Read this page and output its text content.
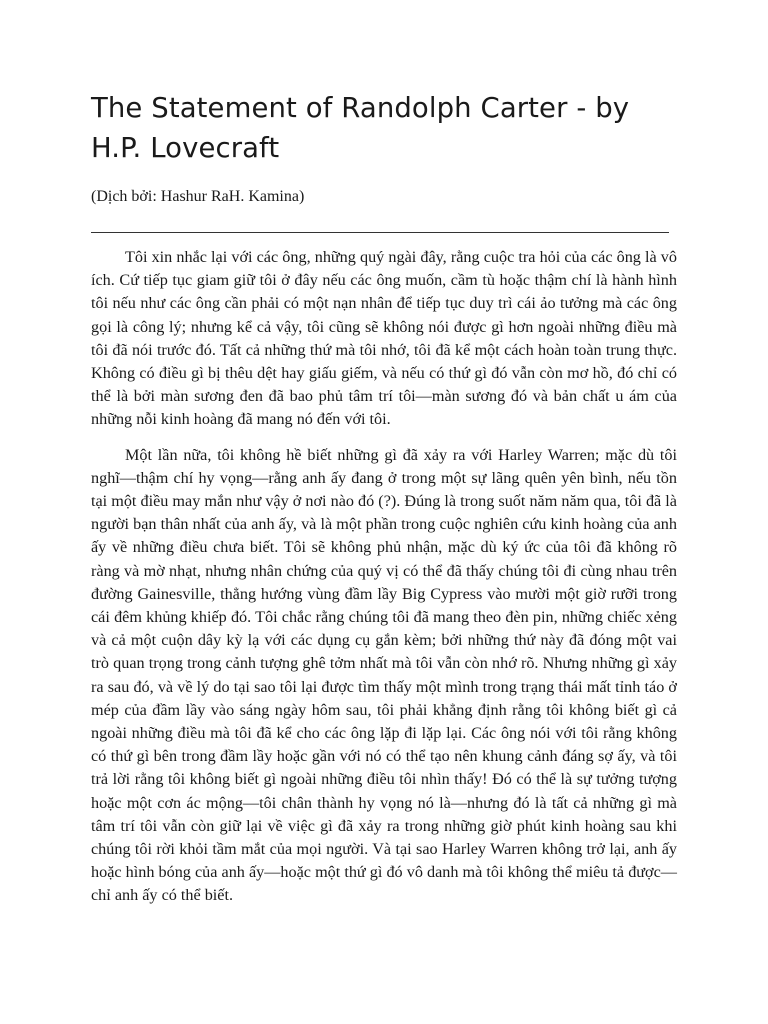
The Statement of Randolph Carter - by H.P. Lovecraft

(Dịch bởi: Hashur RaH. Kamina)

Tôi xin nhắc lại với các ông, những quý ngài đây, rằng cuộc tra hỏi của các ông là vô ích. Cứ tiếp tục giam giữ tôi ở đây nếu các ông muốn, cầm tù hoặc thậm chí là hành hình tôi nếu như các ông cần phải có một nạn nhân để tiếp tục duy trì cái ảo tưởng mà các ông gọi là công lý; nhưng kể cả vậy, tôi cũng sẽ không nói được gì hơn ngoài những điều mà tôi đã nói trước đó. Tất cả những thứ mà tôi nhớ, tôi đã kể một cách hoàn toàn trung thực. Không có điều gì bị thêu dệt hay giấu giếm, và nếu có thứ gì đó vẫn còn mơ hồ, đó chỉ có thể là bởi màn sương đen đã bao phủ tâm trí tôi—màn sương đó và bản chất u ám của những nỗi kinh hoàng đã mang nó đến với tôi.

Một lần nữa, tôi không hề biết những gì đã xảy ra với Harley Warren; mặc dù tôi nghĩ—thậm chí hy vọng—rằng anh ấy đang ở trong một sự lãng quên yên bình, nếu tồn tại một điều may mắn như vậy ở nơi nào đó (?). Đúng là trong suốt năm năm qua, tôi đã là người bạn thân nhất của anh ấy, và là một phần trong cuộc nghiên cứu kinh hoàng của anh ấy về những điều chưa biết. Tôi sẽ không phủ nhận, mặc dù ký ức của tôi đã không rõ ràng và mờ nhạt, nhưng nhân chứng của quý vị có thể đã thấy chúng tôi đi cùng nhau trên đường Gainesville, thẳng hướng vùng đầm lầy Big Cypress vào mười một giờ rưỡi trong cái đêm khủng khiếp đó. Tôi chắc rằng chúng tôi đã mang theo đèn pin, những chiếc xẻng và cả một cuộn dây kỳ lạ với các dụng cụ gắn kèm; bởi những thứ này đã đóng một vai trò quan trọng trong cảnh tượng ghê tởm nhất mà tôi vẫn còn nhớ rõ. Nhưng những gì xảy ra sau đó, và về lý do tại sao tôi lại được tìm thấy một mình trong trạng thái mất tỉnh táo ở mép của đầm lầy vào sáng ngày hôm sau, tôi phải khẳng định rằng tôi không biết gì cả ngoài những điều mà tôi đã kể cho các ông lặp đi lặp lại. Các ông nói với tôi rằng không có thứ gì bên trong đầm lầy hoặc gần với nó có thể tạo nên khung cảnh đáng sợ ấy, và tôi trả lời rằng tôi không biết gì ngoài những điều tôi nhìn thấy! Đó có thể là sự tưởng tượng hoặc một cơn ác mộng—tôi chân thành hy vọng nó là—nhưng đó là tất cả những gì mà tâm trí tôi vẫn còn giữ lại về việc gì đã xảy ra trong những giờ phút kinh hoàng sau khi chúng tôi rời khỏi tầm mắt của mọi người. Và tại sao Harley Warren không trở lại, anh ấy hoặc hình bóng của anh ấy—hoặc một thứ gì đó vô danh mà tôi không thể miêu tả được—chỉ anh ấy có thể biết.
